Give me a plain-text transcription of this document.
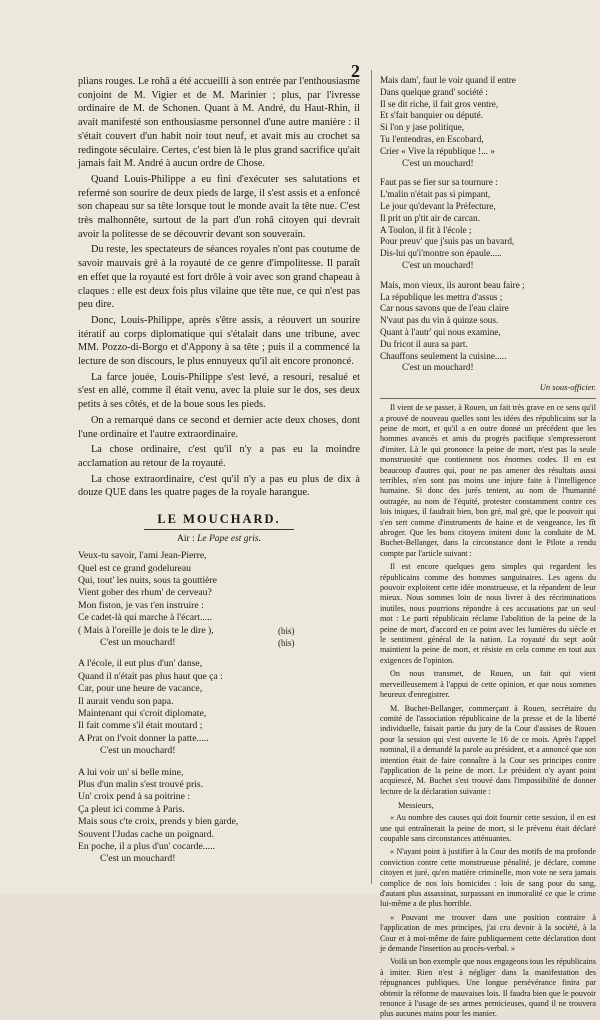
2

plians rouges. Le rohâ a été accueilli à son entrée par l'enthousiasme conjoint de M. Vigier et de M. Marinier ; plus, par l'ivresse ordinaire de M. de Schonen. Quant à M. André, du Haut-Rhin, il avait manifesté son enthousiasme personnel d'une autre manière : il s'était couvert d'un habit noir tout neuf, et avait mis au crochet sa redingote séculaire. Certes, c'est bien là le plus grand sacrifice qu'ait jamais fait M. André à aucun ordre de Chose.

Quand Louis-Philippe a eu fini d'exécuter ses salutations et refermé son sourire de deux pieds de large, il s'est assis et a enfoncé son chapeau sur sa tête lorsque tout le monde avait la tête nue. C'est très malhonnête, surtout de la part d'un rohâ citoyen qui devrait avoir la politesse de se découvrir devant son souverain.

Du reste, les spectateurs de séances royales n'ont pas coutume de savoir mauvais gré à la royauté de ce genre d'impolitesse. Il paraît en effet que la royauté est fort drôle à voir avec son grand chapeau à claques : elle est deux fois plus vilaine que tête nue, ce qui n'est pas peu dire.

Donc, Louis-Philippe, après s'être assis, a réouvert un sourire itératif au corps diplomatique qui s'étalait dans une tribune, avec MM. Pozzo-di-Borgo et d'Appony à sa tête ; puis il a commencé la lecture de son discours, le plus ennuyeux qu'il ait encore prononcé.

La farce jouée, Louis-Philippe s'est levé, a resouri, resalué et s'est en allé, comme il était venu, avec la pluie sur le dos, ses deux petits à ses côtés, et de la boue sous les pieds.

On a remarqué dans ce second et dernier acte deux choses, dont l'une ordinaire et l'autre extraordinaire.

La chose ordinaire, c'est qu'il n'y a pas eu la moindre acclamation au retour de la royauté.

La chose extraordinaire, c'est qu'il n'y a pas eu plus de dix à douze QUE dans les quatre pages de la royale harangue.

LE MOUCHARD.
Air : Le Pape est gris.
Veux-tu savoir, l'ami Jean-Pierre,
Quel est ce grand godelureau
Qui, tout' les nuits, sous ta gouttière
Vient gober des rhum' de cerveau?
Mon fiston, je vas t'en instruire :
Ce cadet-là qui marche à l'écart.....
( Mais à l'oreille je dois te le dire ),	(bis)
C'est un mouchard!	(bis)
A l'école, il eut plus d'un' danse,
Quand il n'était pas plus haut que ça :
Car, pour une heure de vacance,
Il aurait vendu son papa.
Maintenant qui s'croit diplomate,
Il fait comme s'il était moutard ;
A Prat on l'voit donner la patte.....
C'est un mouchard!
A lui voir un' si belle mine,
Plus d'un malin s'est trouvé pris.
Un' croix pend à sa poitrine :
Ça pleut ici comme à Paris.
Mais sous c'te croix, prends y bien garde,
Souvent l'Judas cache un poignard.
En poche, il a plus d'un' cocarde.....
C'est un mouchard!
Mais dam', faut le voir quand il entre
Dans quelque grand' société :
Il se dit riche, il fait gros ventre,
Et s'fait banquier ou député.
Si l'on y jase politique,
Tu l'entendras, en Escobard,
Crier « Vive la république !... »
C'est un mouchard!
Faut pas se fier sur sa tournure :
L'malin n'était pas si pimpant,
Le jour qu'devant la Préfecture,
Il prit un p'tit air de carcan.
A Toulon, il fit à l'école ;
Pour preuv' que j'suis pas un bavard,
Dis-lui qu'i'montre son épaule.....
C'est un mouchard!
Mais, mon vieux, ils auront beau faire ;
La république les mettra d'assus ;
Car nous savons que de l'eau claire
N'vaut pas du vin à quinze sous.
Quant à l'autr' qui nous examine,
Du fricot il aura sa part.
Chauffons seulement la cuisine.....
C'est un mouchard!
Un sous-officier.

Il vient de se passer, à Rouen, un fait très grave en ce sens qu'il a prouvé de nouveau quelles sont les idées des républicains sur la peine de mort, et qu'il a en outre donné un précédent que les hommes avancés et amis du progrès pacifique s'empresseront d'imiter. Là le qui prononce la peine de mort, n'est pas la seule monstruosité que contiennent nos énormes codes. Il en est beaucoup d'autres qui, pour ne pas amener des résultats aussi terribles, n'en sont pas moins une injure faite à l'intelligence humaine. Si donc des jurés tentent, au nom de l'humanité outragée, au nom de l'équité, protester constamment contre ces lois iniques, il faudrait bien, bon gré, mal gré, que le pouvoir qui s'en sert comme d'instruments de haine et de vengeance, les fît abroger. Que les bons citoyens imitent donc la conduite de M. Buchet-Bellanger, dans la circonstance dont le Pilote a rendu compte par l'article suivant :

Il est encore quelques gens simples qui regardent les républicains comme des hommes sanguinaires. Les agens du pouvoir exploitent cette idée monstrueuse, et la répandent de leur mieux. Nous sommes loin de nous livrer à des récriminations inutiles, nous pourrions répondre à ces accusations par un seul mot : Le parti républicain réclame l'abolition de la peine de la peine de mort, d'accord en ce point avec les lumières du siècle et le sentiment général de la nation. La royauté du sept août maintient la peine de mort, et résiste en cela comme en tout aux exigences de l'opinion.

On nous transmet, de Rouen, un fait qui vient merveilleusement à l'appui de cette opinion, et que nous sommes heureux d'enregistrer.

M. Buchet-Bellanger, commerçant à Rouen, secrétaire du comité de l'association républicaine de la presse et de la liberté individuelle, faisait partie du jury de la Cour d'assises de Rouen pour la session qui s'est ouverte le 16 de ce mois. Après l'appel nominal, il a demandé la parole au président, et a annoncé que son intention était de faire connaître à la Cour ses principes contre l'application de la peine de mort. Le président n'y ayant point acquiescé, M. Buchet s'est trouvé dans l'impossibilité de donner lecture de la déclaration suivante :

Messieurs,

« Au nombre des causes qui doit fournir cette session, il en est une qui entraînerait la peine de mort, si le prévenu était déclaré coupable sans circonstances atténuantes.

« N'ayant point à justifier à la Cour des motifs de ma profonde conviction contre cette monstrueuse pénalité, je déclare, comme citoyen et juré, qu'en matière criminelle, mon vote ne sera jamais complice de nos lois homicides : lois de sang pour du sang, d'autant plus assassinat, surpassant en immoralité ce que le crime lui-même a de plus horrible.

« Pouvant me trouver dans une position contraire à l'application de mes principes, j'ai cru devoir à la société, à la Cour et à moi-même de faire publiquement cette déclaration dont je demande l'insertion au procès-verbal. »

Voilà un bon exemple que nous engageons tous les républicains à imiter. Rien n'est à négliger dans la manifestation des répugnances publiques. Une longue persévérance finira par obtenir la réforme de mauvaises lois. Il faudra bien que le pouvoir renonce à l'usage de ses armes pernicieuses, quand il ne trouvera plus aucunes mains pour les manier.
